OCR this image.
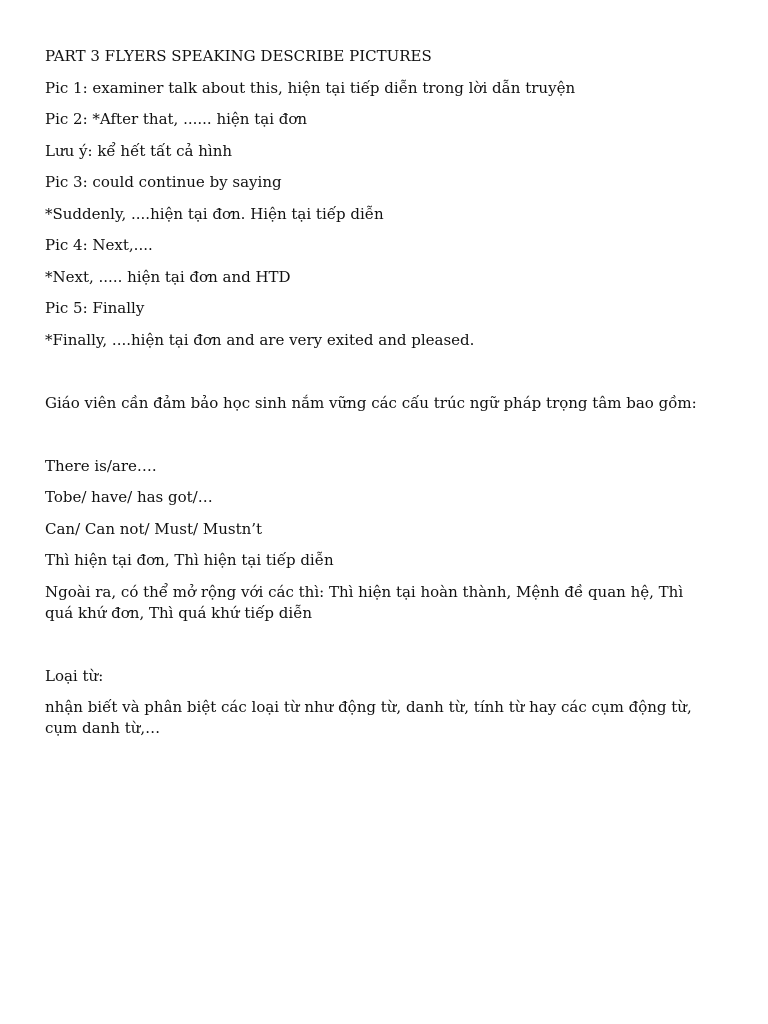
PART 3 FLYERS SPEAKING DESCRIBE PICTURES

Pic 1: examiner talk about this, hiện tại tiếp diễn trong lời dẫn truyện

Pic 2: *After that, ...... hiện tại đơn

Lưu ý: kể hết tất cả hình

Pic 3: could continue by saying

*Suddenly, ....hiện tại đơn. Hiện tại tiếp diễn

Pic 4: Next,....

*Next, ..... hiện tại đơn and HTD

Pic 5: Finally

*Finally, ....hiện tại đơn and are very exited and pleased.

Giáo viên cần đảm bảo học sinh nắm vững các cấu trúc ngữ pháp trọng tâm bao gồm:

There is/are….

Tobe/ have/ has got/…

Can/ Can not/ Must/ Mustn’t

Thì hiện tại đơn, Thì hiện tại tiếp diễn

Ngoài ra, có thể mở rộng với các thì: Thì hiện tại hoàn thành, Mệnh đề quan hệ, Thì quá khứ đơn, Thì quá khứ tiếp diễn

Loại từ:

nhận biết và phân biệt các loại từ như động từ, danh từ, tính từ hay các cụm động từ, cụm danh từ,…
